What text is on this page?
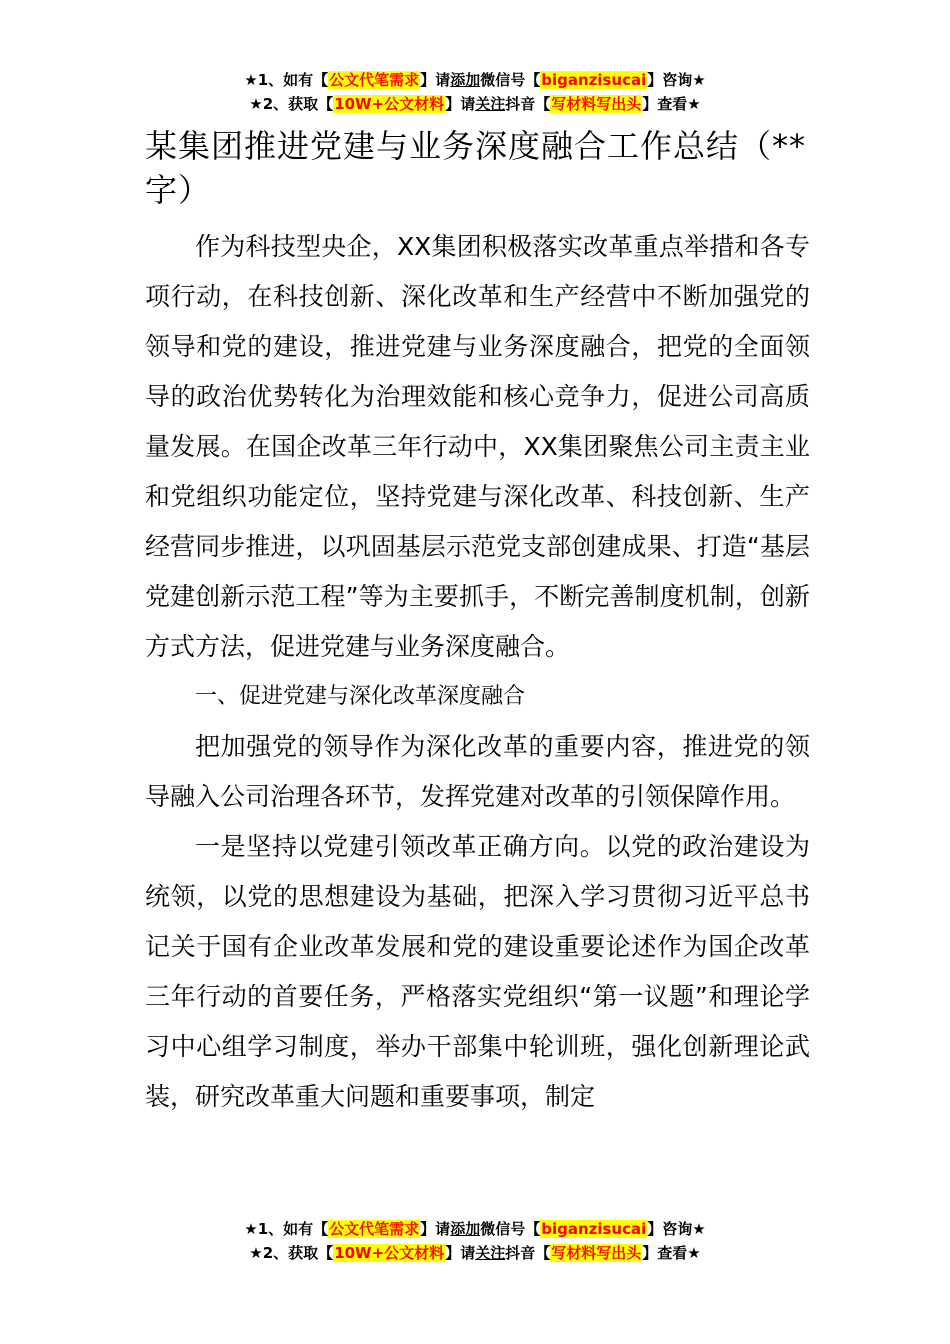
★1、如有【公文代笔需求】请添加微信号【biganzisucai】咨询★
★2、获取【10W+公文材料】请关注抖音【写材料写出头】查看★
某集团推进党建与业务深度融合工作总结（**字）

作为科技型央企，XX集团积极落实改革重点举措和各专项行动，在科技创新、深化改革和生产经营中不断加强党的领导和党的建设，推进党建与业务深度融合，把党的全面领导的政治优势转化为治理效能和核心竞争力，促进公司高质量发展。在国企改革三年行动中，XX集团聚焦公司主责主业和党组织功能定位，坚持党建与深化改革、科技创新、生产经营同步推进，以巩固基层示范党支部创建成果、打造“基层党建创新示范工程”等为主要抓手，不断完善制度机制，创新方式方法，促进党建与业务深度融合。

一、促进党建与深化改革深度融合

把加强党的领导作为深化改革的重要内容，推进党的领导融入公司治理各环节，发挥党建对改革的引领保障作用。

一是坚持以党建引领改革正确方向。以党的政治建设为统领，以党的思想建设为基础，把深入学习贯彻习近平总书记关于国有企业改革发展和党的建设重要论述作为国企改革三年行动的首要任务，严格落实党组织“第一议题”和理论学习中心组学习制度，举办干部集中轮训班，强化创新理论武装，研究改革重大问题和重要事项，制定

★1、如有【公文代笔需求】请添加微信号【biganzisucai】咨询★
★2、获取【10W+公文材料】请关注抖音【写材料写出头】查看★
